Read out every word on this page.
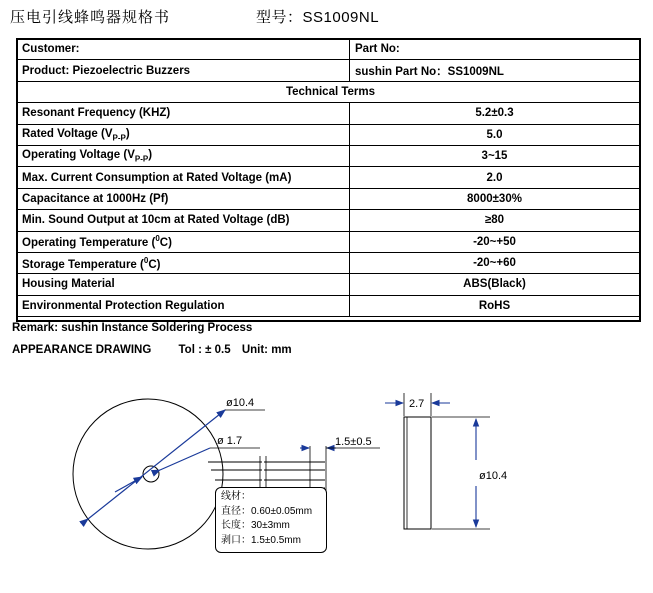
压电引线蜂鸣器规格书	型号：SS1009NL
Customer:	Part No:
Product: Piezoelectric Buzzers	sushin Part No：SS1009NL
Technical Terms	
Resonant Frequency (KHZ)	5.2±0.3
Rated Voltage $(V_{P-P})$	5.0
Operating Voltage $(V_{P-P})$	3~15
Max. Current Consumption at Rated Voltage (mA)	2.0
Capacitance at 1000Hz (Pf)	8000±30%
Min. Sound Output at 10cm at Rated Voltage (dB)	≥80
Operating Temperature ($^0$C)	-20~+50
Storage Temperature ($^0$C)	-20~+60
Housing Material	ABS(Black)
Environmental Protection Regulation	RoHS
Remark: sushin Instance Soldering Process
APPEARANCE DRAWING Tol : ± 0.5 Unit: mm
ø10.4
ø 1.7	1.5±0.5
2.7
ø10.4
线材：
直径：0.60±0.05mm
长度：30±3mm
剥口：1.5±0.5mm
